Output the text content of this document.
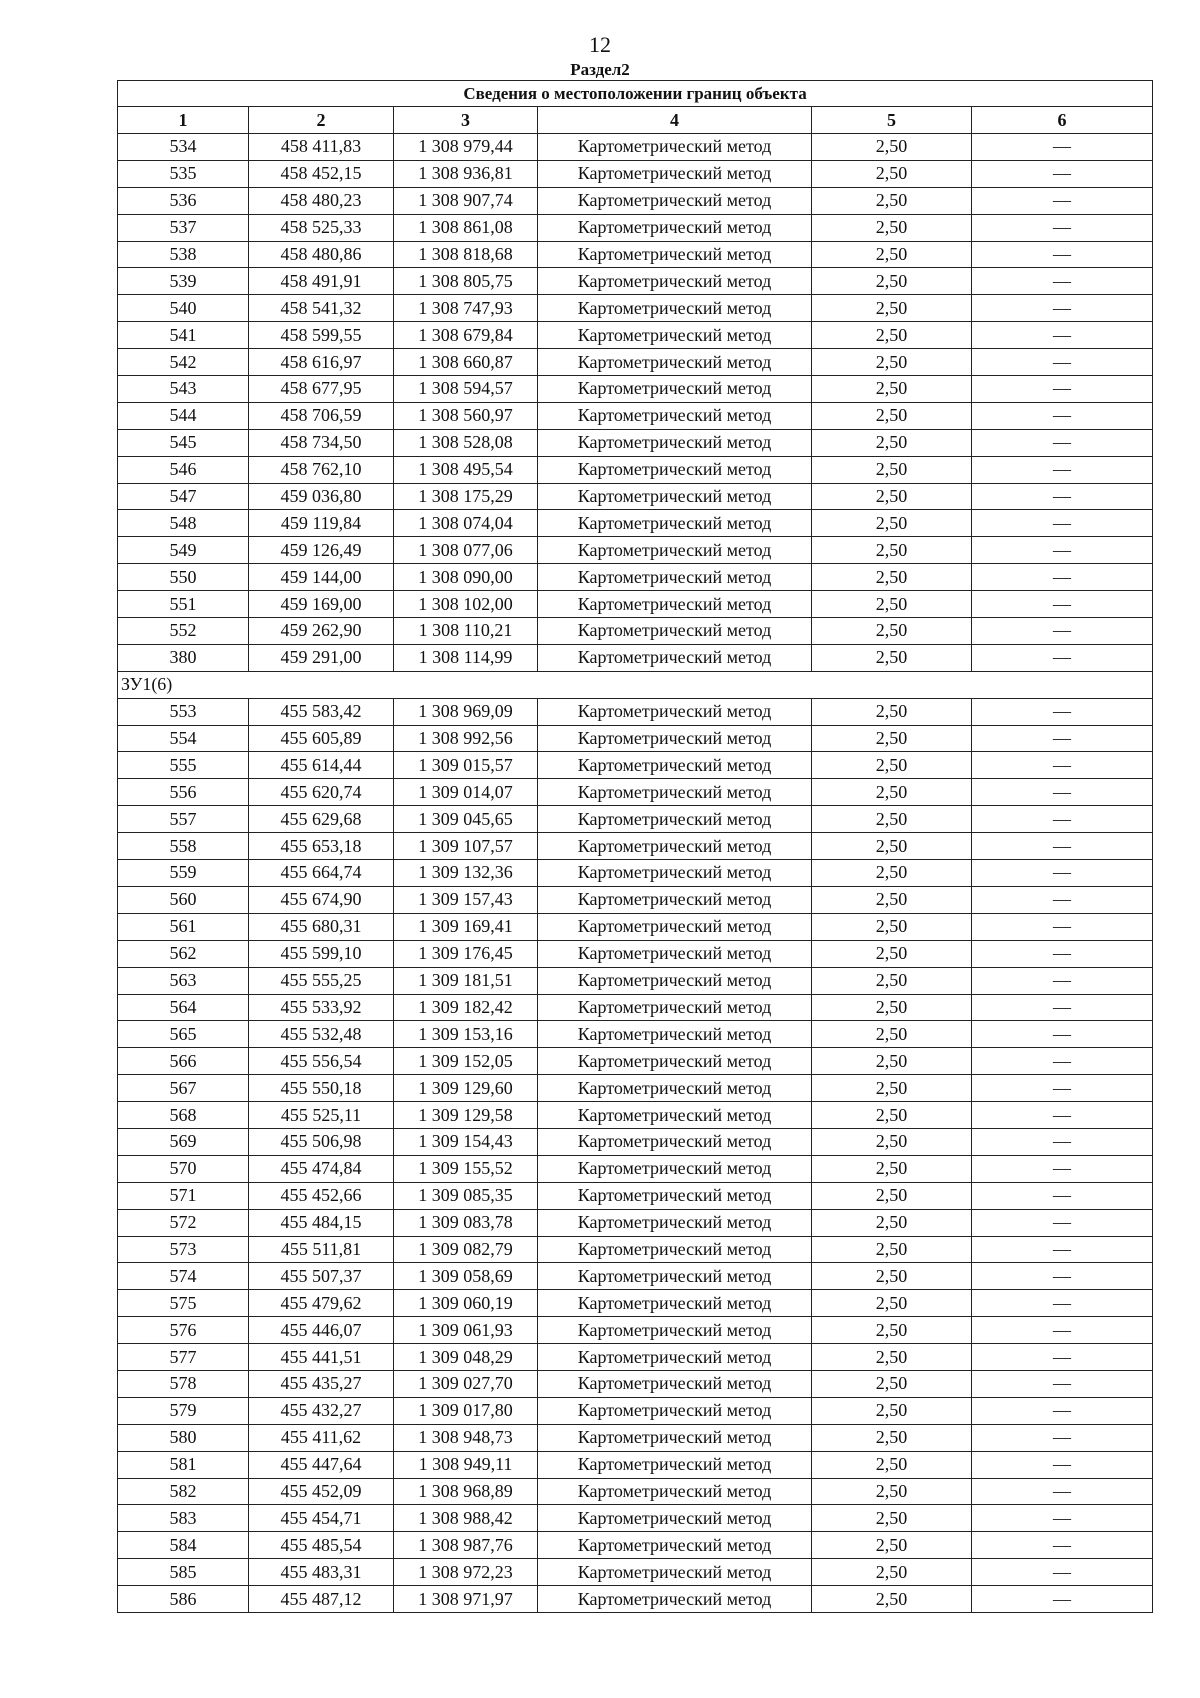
12
Раздел2
Сведения о местоположении границ объекта					
1	2	3	4	5	6
534	458 411,83	1 308 979,44	Картометрический метод	2,50	—
535	458 452,15	1 308 936,81	Картометрический метод	2,50	—
536	458 480,23	1 308 907,74	Картометрический метод	2,50	—
537	458 525,33	1 308 861,08	Картометрический метод	2,50	—
538	458 480,86	1 308 818,68	Картометрический метод	2,50	—
539	458 491,91	1 308 805,75	Картометрический метод	2,50	—
540	458 541,32	1 308 747,93	Картометрический метод	2,50	—
541	458 599,55	1 308 679,84	Картометрический метод	2,50	—
542	458 616,97	1 308 660,87	Картометрический метод	2,50	—
543	458 677,95	1 308 594,57	Картометрический метод	2,50	—
544	458 706,59	1 308 560,97	Картометрический метод	2,50	—
545	458 734,50	1 308 528,08	Картометрический метод	2,50	—
546	458 762,10	1 308 495,54	Картометрический метод	2,50	—
547	459 036,80	1 308 175,29	Картометрический метод	2,50	—
548	459 119,84	1 308 074,04	Картометрический метод	2,50	—
549	459 126,49	1 308 077,06	Картометрический метод	2,50	—
550	459 144,00	1 308 090,00	Картометрический метод	2,50	—
551	459 169,00	1 308 102,00	Картометрический метод	2,50	—
552	459 262,90	1 308 110,21	Картометрический метод	2,50	—
380	459 291,00	1 308 114,99	Картометрический метод	2,50	—
ЗУ1(6)					
553	455 583,42	1 308 969,09	Картометрический метод	2,50	—
554	455 605,89	1 308 992,56	Картометрический метод	2,50	—
555	455 614,44	1 309 015,57	Картометрический метод	2,50	—
556	455 620,74	1 309 014,07	Картометрический метод	2,50	—
557	455 629,68	1 309 045,65	Картометрический метод	2,50	—
558	455 653,18	1 309 107,57	Картометрический метод	2,50	—
559	455 664,74	1 309 132,36	Картометрический метод	2,50	—
560	455 674,90	1 309 157,43	Картометрический метод	2,50	—
561	455 680,31	1 309 169,41	Картометрический метод	2,50	—
562	455 599,10	1 309 176,45	Картометрический метод	2,50	—
563	455 555,25	1 309 181,51	Картометрический метод	2,50	—
564	455 533,92	1 309 182,42	Картометрический метод	2,50	—
565	455 532,48	1 309 153,16	Картометрический метод	2,50	—
566	455 556,54	1 309 152,05	Картометрический метод	2,50	—
567	455 550,18	1 309 129,60	Картометрический метод	2,50	—
568	455 525,11	1 309 129,58	Картометрический метод	2,50	—
569	455 506,98	1 309 154,43	Картометрический метод	2,50	—
570	455 474,84	1 309 155,52	Картометрический метод	2,50	—
571	455 452,66	1 309 085,35	Картометрический метод	2,50	—
572	455 484,15	1 309 083,78	Картометрический метод	2,50	—
573	455 511,81	1 309 082,79	Картометрический метод	2,50	—
574	455 507,37	1 309 058,69	Картометрический метод	2,50	—
575	455 479,62	1 309 060,19	Картометрический метод	2,50	—
576	455 446,07	1 309 061,93	Картометрический метод	2,50	—
577	455 441,51	1 309 048,29	Картометрический метод	2,50	—
578	455 435,27	1 309 027,70	Картометрический метод	2,50	—
579	455 432,27	1 309 017,80	Картометрический метод	2,50	—
580	455 411,62	1 308 948,73	Картометрический метод	2,50	—
581	455 447,64	1 308 949,11	Картометрический метод	2,50	—
582	455 452,09	1 308 968,89	Картометрический метод	2,50	—
583	455 454,71	1 308 988,42	Картометрический метод	2,50	—
584	455 485,54	1 308 987,76	Картометрический метод	2,50	—
585	455 483,31	1 308 972,23	Картометрический метод	2,50	—
586	455 487,12	1 308 971,97	Картометрический метод	2,50	—
